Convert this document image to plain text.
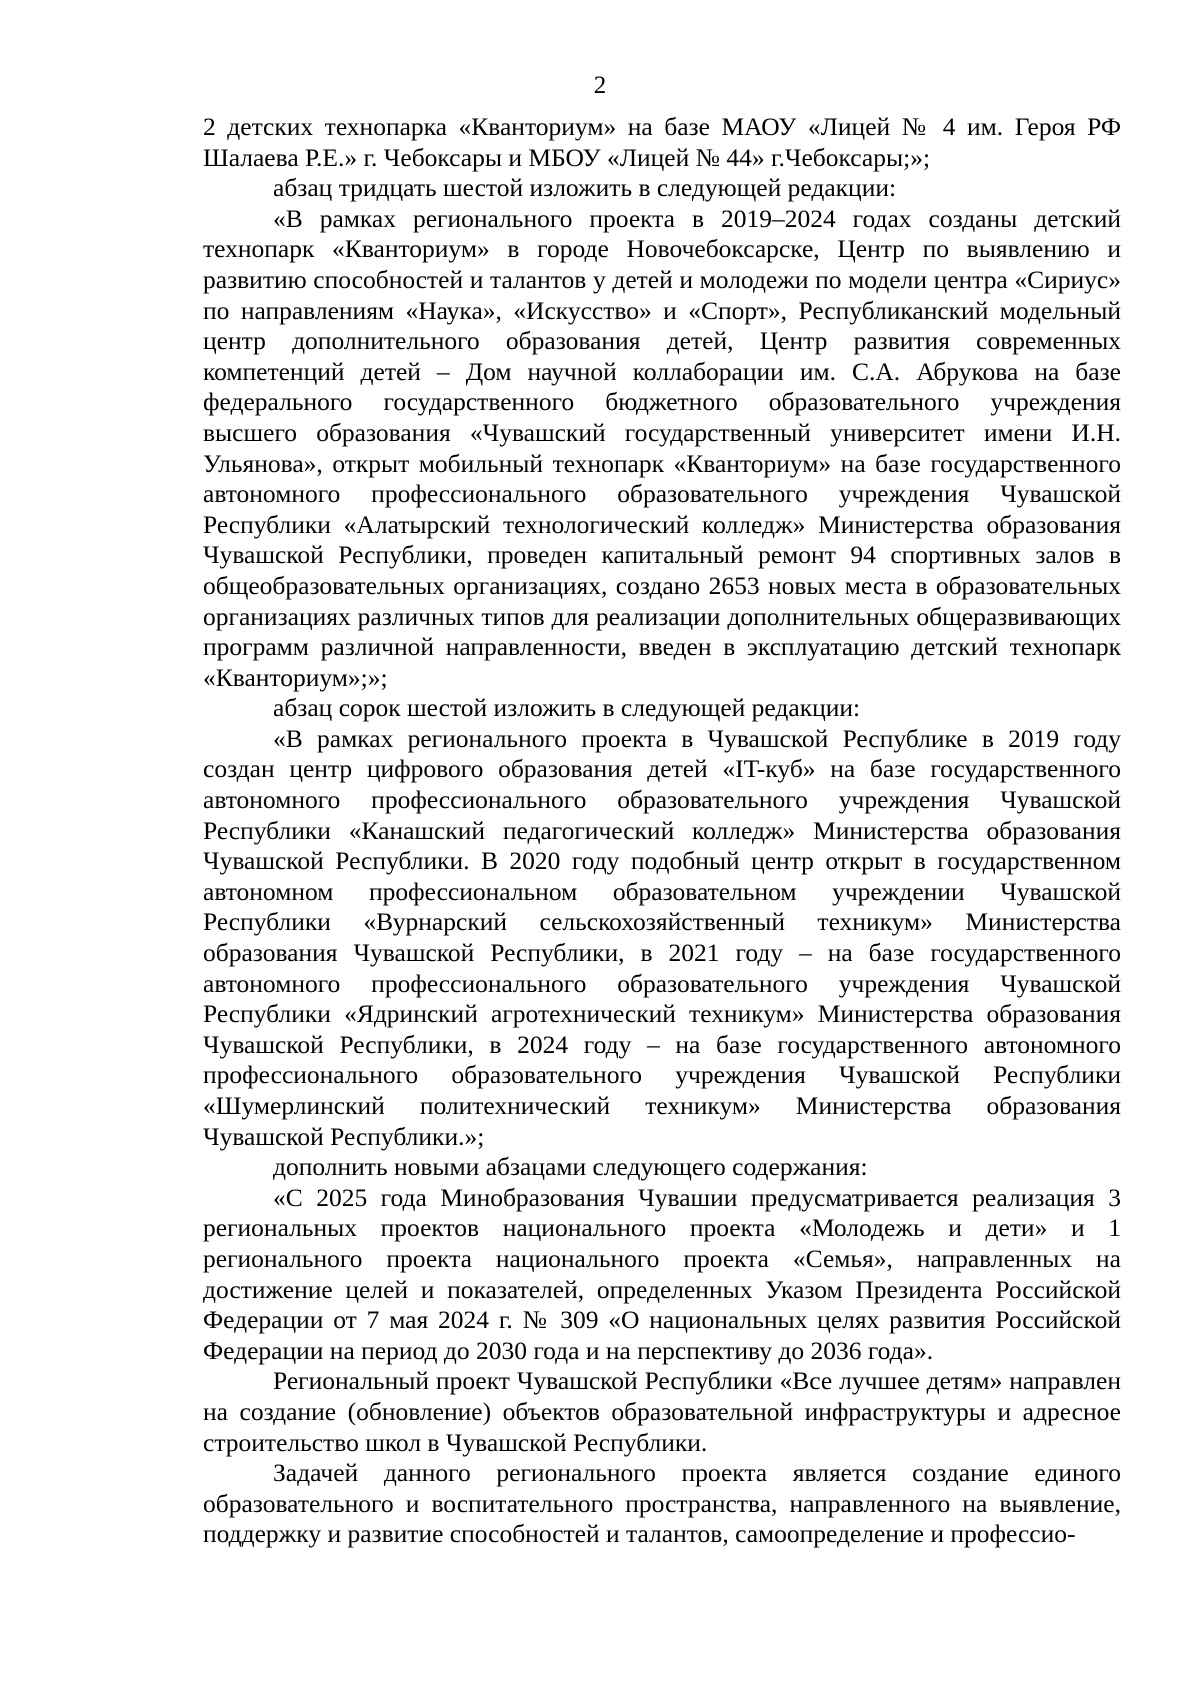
2

2 детских технопарка «Кванториум» на базе МАОУ «Лицей № 4 им. Героя РФ Шалаева Р.Е.» г. Чебоксары и МБОУ «Лицей № 44» г.Чебоксары;»;

абзац тридцать шестой изложить в следующей редакции:

«В рамках регионального проекта в 2019–2024 годах созданы детский технопарк «Кванториум» в городе Новочебоксарске, Центр по выявлению и развитию способностей и талантов у детей и молодежи по модели центра «Сириус» по направлениям «Наука», «Искусство» и «Спорт», Республиканский модельный центр дополнительного образования детей, Центр развития современных компетенций детей – Дом научной коллаборации им. С.А. Абрукова на базе федерального государственного бюджетного образовательного учреждения высшего образования «Чувашский государственный университет имени И.Н. Ульянова», открыт мобильный технопарк «Кванториум» на базе государственного автономного профессионального образовательного учреждения Чувашской Республики «Алатырский технологический колледж» Министерства образования Чувашской Республики, проведен капитальный ремонт 94 спортивных залов в общеобразовательных организациях, создано 2653 новых места в образовательных организациях различных типов для реализации дополнительных общеразвивающих программ различной направленности, введен в эксплуатацию детский технопарк «Кванториум»;»;

абзац сорок шестой изложить в следующей редакции:

«В рамках регионального проекта в Чувашской Республике в 2019 году создан центр цифрового образования детей «IT-куб» на базе государственного автономного профессионального образовательного учреждения Чувашской Республики «Канашский педагогический колледж» Министерства образования Чувашской Республики. В 2020 году подобный центр открыт в государственном автономном профессиональном образовательном учреждении Чувашской Республики «Вурнарский сельскохозяйственный техникум» Министерства образования Чувашской Республики, в 2021 году – на базе государственного автономного профессионального образовательного учреждения Чувашской Республики «Ядринский агротехнический техникум» Министерства образования Чувашской Республики, в 2024 году – на базе государственного автономного профессионального образовательного учреждения Чувашской Республики «Шумерлинский политехнический техникум» Министерства образования Чувашской Республики.»;

дополнить новыми абзацами следующего содержания:

«С 2025 года Минобразования Чувашии предусматривается реализация 3 региональных проектов национального проекта «Молодежь и дети» и 1 регионального проекта национального проекта «Семья», направленных на достижение целей и показателей, определенных Указом Президента Российской Федерации от 7 мая 2024 г. № 309 «О национальных целях развития Российской Федерации на период до 2030 года и на перспективу до 2036 года».

Региональный проект Чувашской Республики «Все лучшее детям» направлен на создание (обновление) объектов образовательной инфраструктуры и адресное строительство школ в Чувашской Республики.

Задачей данного регионального проекта является создание единого образовательного и воспитательного пространства, направленного на выявление, поддержку и развитие способностей и талантов, самоопределение и профессио-
